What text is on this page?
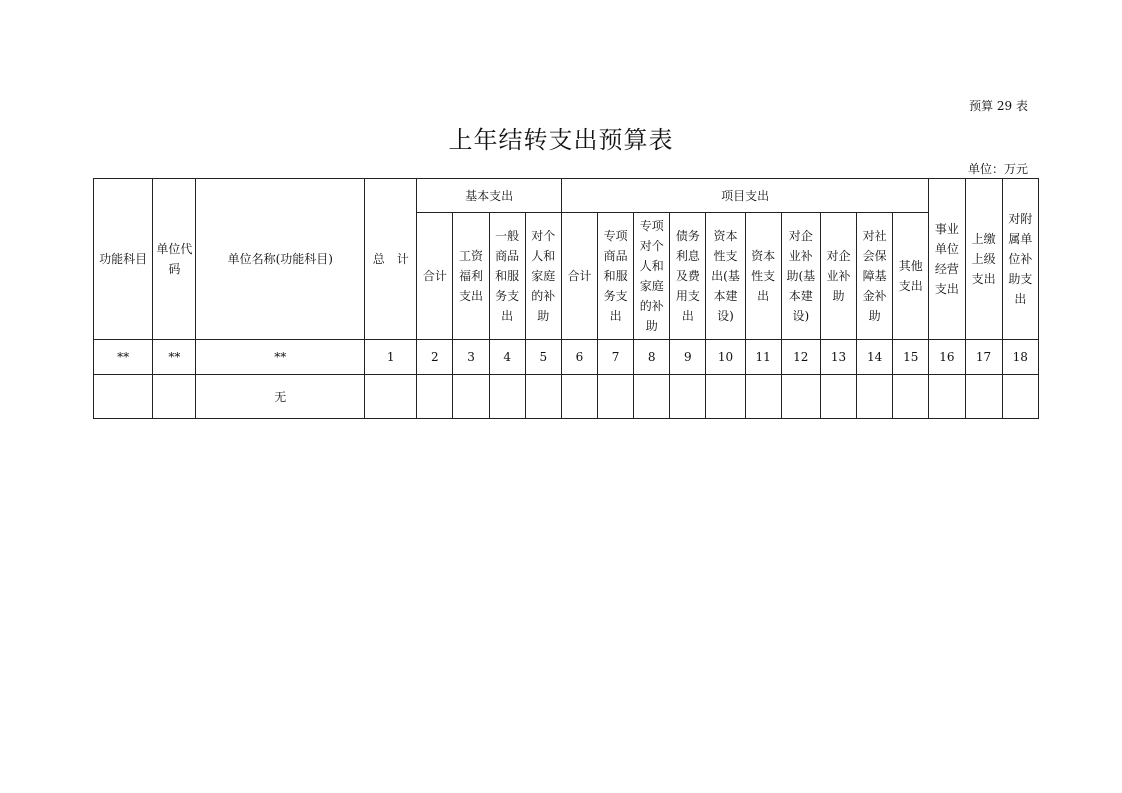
预算 29 表
上年结转支出预算表
单位：万元
功能科目	单位代码	单位名称(功能科目)	总　计	基本支出				项目支出										事业单位经营支出	上缴上级支出	对附属单位补助支出
				合计	工资福利支出	一般商品和服务支出	对个人和家庭的补助	合计	专项商品和服务支出	专项对个人和家庭的补助	债务利息及费用支出	资本性支出(基本建设)	资本性支出	对企业补助(基本建设)	对企业补助	对社会保障基金补助	其他支出			
**	**	**	1	2	3	4	5	6	7	8	9	10	11	12	13	14	15	16	17	18
		无																		
